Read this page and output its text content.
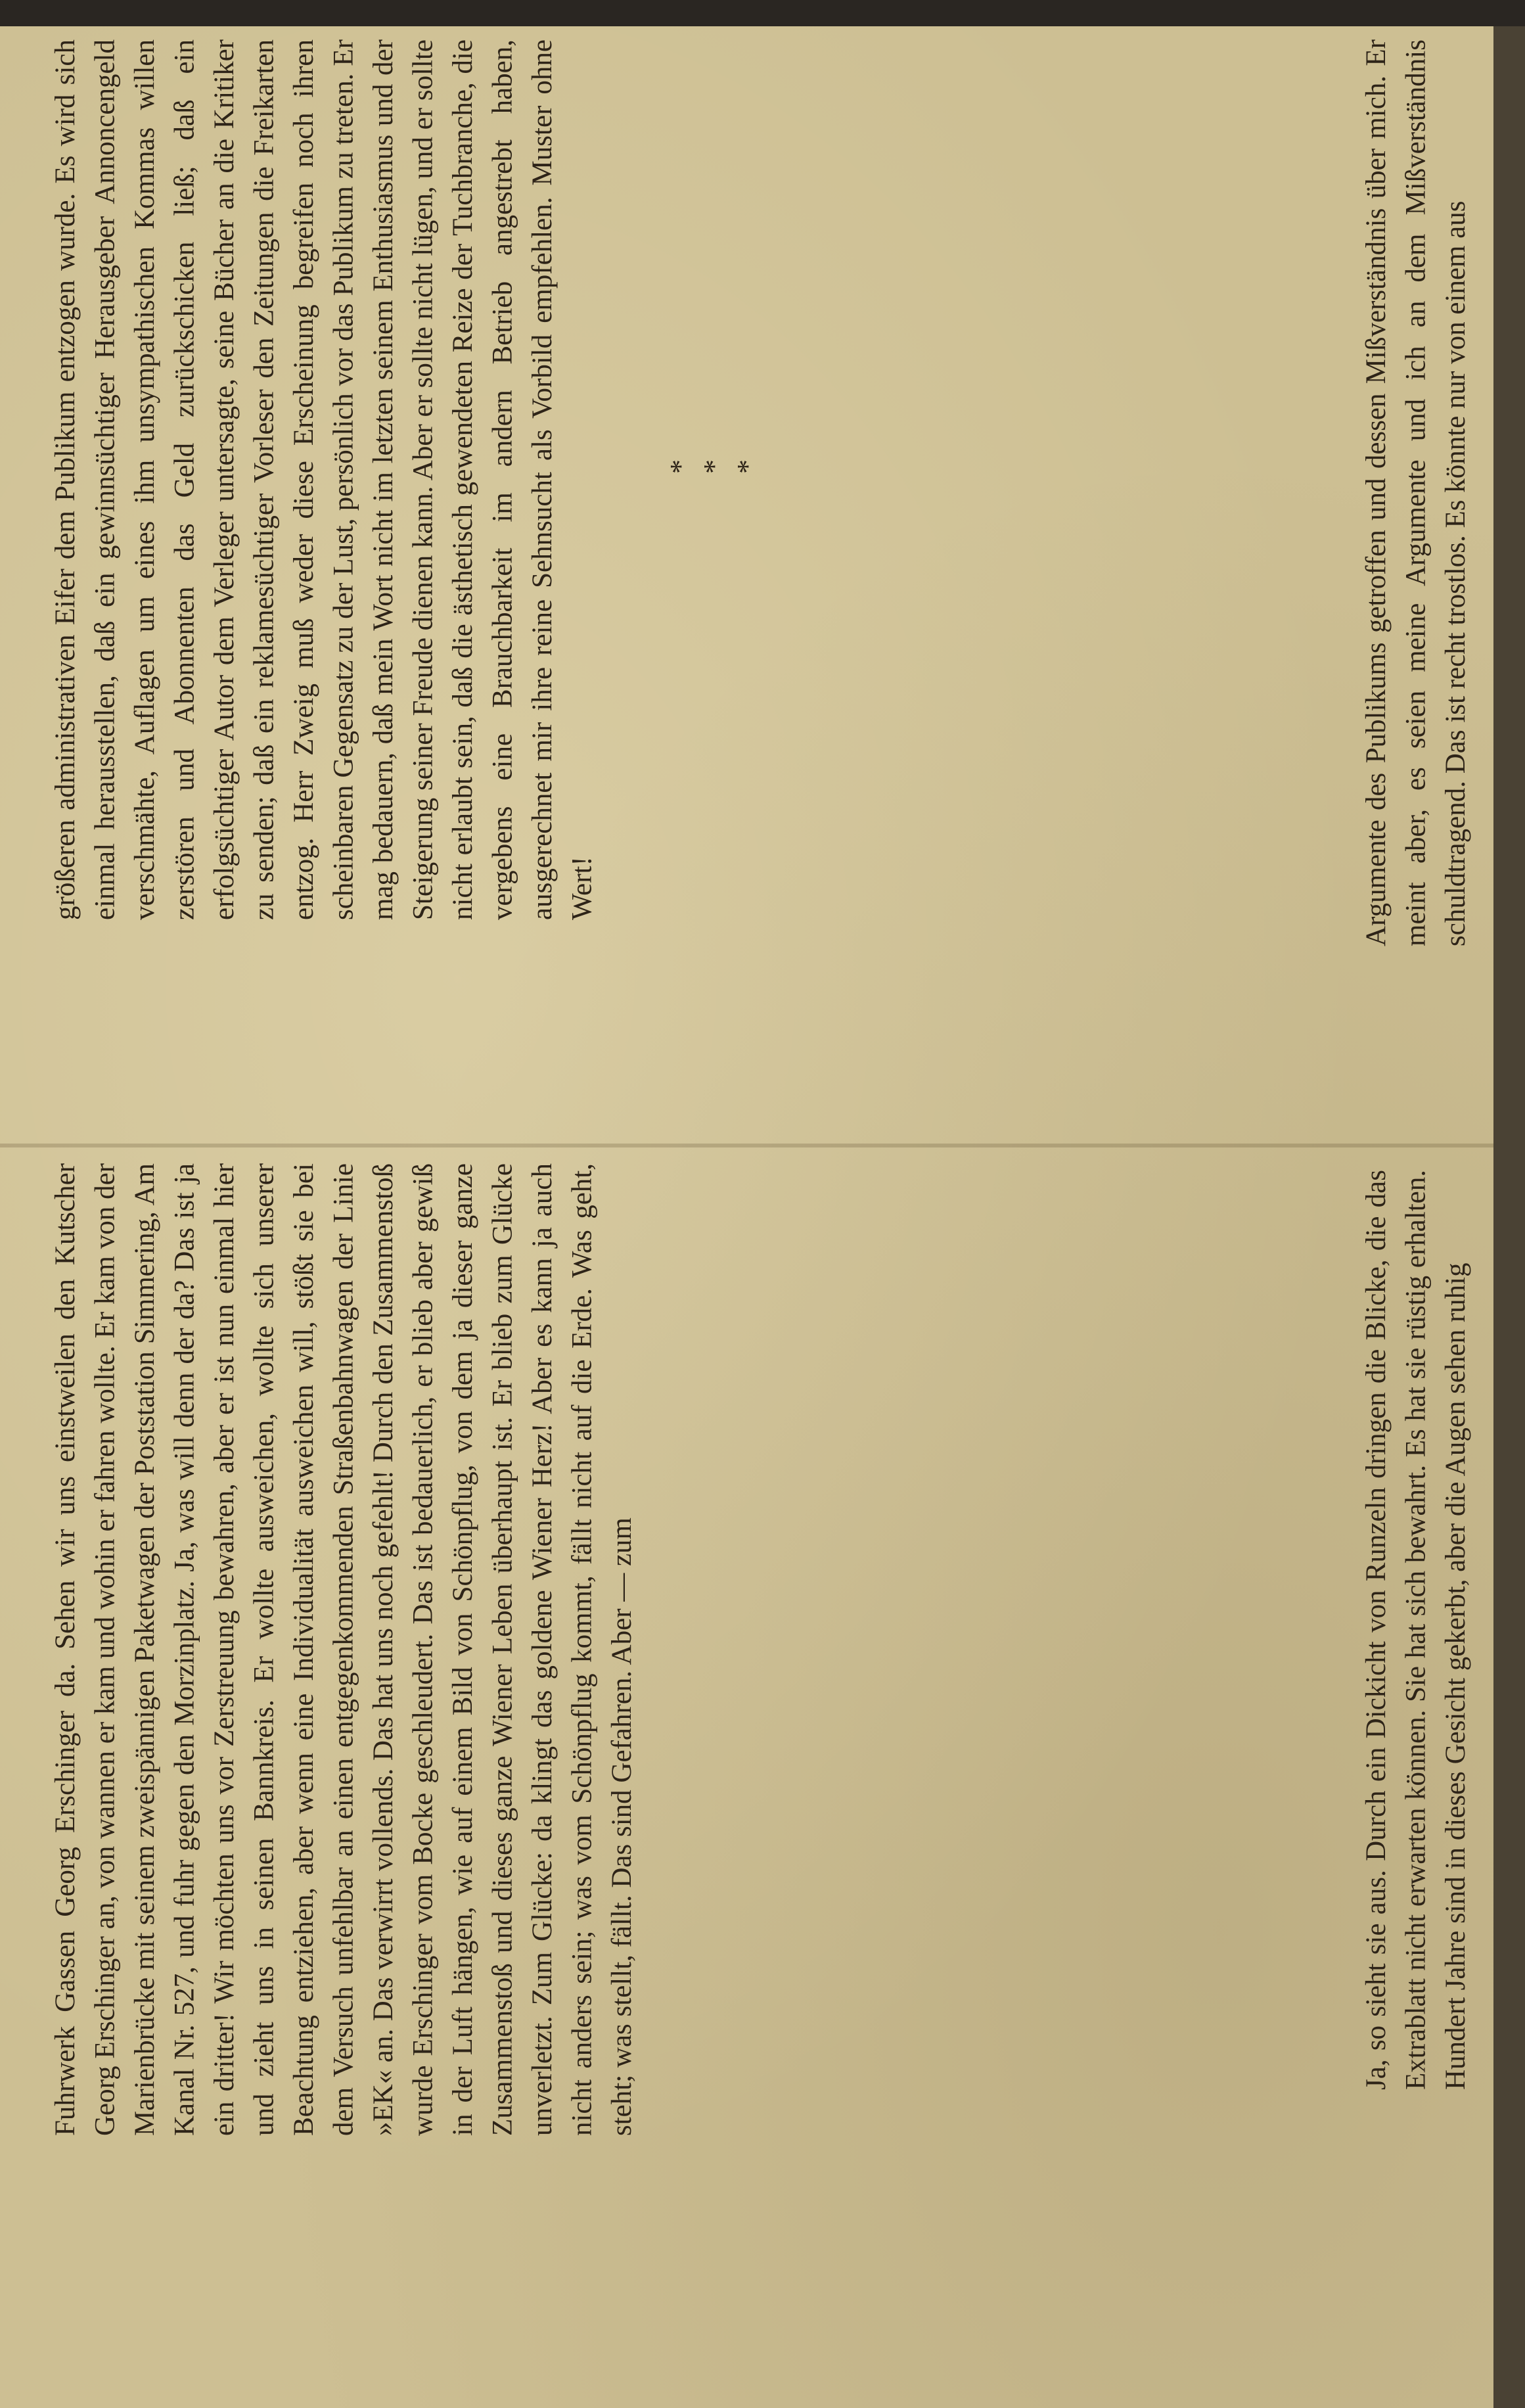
größeren administrativen Eifer dem Publikum entzogen wurde. Es wird sich einmal herausstellen, daß ein gewinnsüchtiger Herausgeber Annoncengeld verschmähte, Auflagen um eines ihm unsympathischen Kommas willen zerstören und Abonnenten das Geld zurückschicken ließ; daß ein erfolgsüchtiger Autor dem Verleger untersagte, seine Bücher an die Kritiker zu senden; daß ein reklamesüchtiger Vorleser den Zeitungen die Freikarten entzog. Herr Zweig muß weder diese Erscheinung begreifen noch ihren scheinbaren Gegensatz zu der Lust, persönlich vor das Publikum zu treten. Er mag bedauern, daß mein Wort nicht im letzten seinem Enthusiasmus und der Steigerung seiner Freude dienen kann. Aber er sollte nicht lügen, und er sollte nicht erlaubt sein, daß die ästhetisch gewendeten Reize der Tuchbranche, die vergebens eine Brauchbarkeit im andern Betrieb angestrebt haben, ausgerechnet mir ihre reine Sehnsucht als Vorbild empfehlen. Muster ohne Wert!

* * *

Fuhrwerk Gassen Georg Erschinger da. Sehen wir uns einstweilen den Kutscher Georg Erschinger an, von wannen er kam und wohin er fahren wollte. Er kam von der Marienbrücke mit seinem zweispännigen Paketwagen der Poststation Simmering, Am Kanal Nr. 527, und fuhr gegen den Morzinplatz. Ja, was will denn der da? Das ist ja ein dritter! Wir möchten uns vor Zerstreuung bewahren, aber er ist nun einmal hier und zieht uns in seinen Bannkreis. Er wollte ausweichen, wollte sich unserer Beachtung entziehen, aber wenn eine Individualität ausweichen will, stößt sie bei dem Versuch unfehlbar an einen entgegenkommenden Straßenbahnwagen der Linie »EK« an. Das verwirrt vollends. Das hat uns noch gefehlt! Durch den Zusammenstoß wurde Erschinger vom Bocke geschleudert. Das ist bedauerlich, er blieb aber gewiß in der Luft hängen, wie auf einem Bild von Schönpflug, von dem ja dieser ganze Zusammenstoß und dieses ganze Wiener Leben überhaupt ist. Er blieb zum Glücke unverletzt. Zum Glücke: da klingt das goldene Wiener Herz! Aber es kann ja auch nicht anders sein; was vom Schönpflug kommt, fällt nicht auf die Erde. Was geht, steht; was stellt, fällt. Das sind Gefahren. Aber — zum

Argumente des Publikums getroffen und dessen Mißverständnis über mich. Er meint aber, es seien meine Argumente und ich an dem Mißverständnis schuldtragend. Das ist recht trostlos. Es könnte nur von einem aus

Ja, so sieht sie aus. Durch ein Dickicht von Runzeln dringen die Blicke, die das Extrablatt nicht erwarten können. Sie hat sich bewahrt. Es hat sie rüstig erhalten. Hundert Jahre sind in dieses Gesicht gekerbt, aber die Augen sehen ruhig
